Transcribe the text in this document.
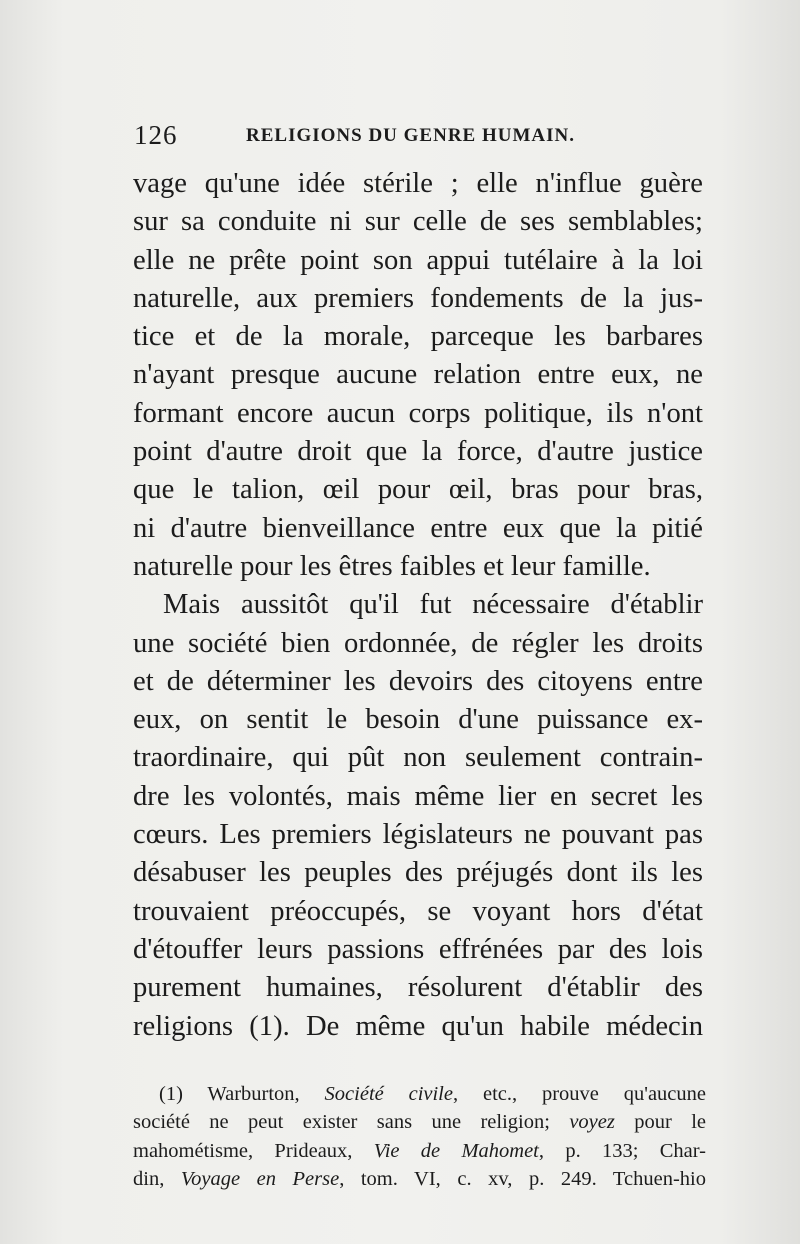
126	RELIGIONS DU GENRE HUMAIN.
vage qu'une idée stérile ; elle n'influe guère
sur sa conduite ni sur celle de ses semblables;
elle ne prête point son appui tutélaire à la loi
naturelle, aux premiers fondements de la jus-
tice et de la morale, parceque les barbares
n'ayant presque aucune relation entre eux, ne
formant encore aucun corps politique, ils n'ont
point d'autre droit que la force, d'autre justice
que le talion, œil pour œil, bras pour bras,
ni d'autre bienveillance entre eux que la pitié
naturelle pour les êtres faibles et leur famille.
Mais aussitôt qu'il fut nécessaire d'établir
une société bien ordonnée, de régler les droits
et de déterminer les devoirs des citoyens entre
eux, on sentit le besoin d'une puissance ex-
traordinaire, qui pût non seulement contrain-
dre les volontés, mais même lier en secret les
cœurs. Les premiers législateurs ne pouvant pas
désabuser les peuples des préjugés dont ils les
trouvaient préoccupés, se voyant hors d'état
d'étouffer leurs passions effrénées par des lois
purement humaines, résolurent d'établir des
religions (1). De même qu'un habile médecin
(1) Warburton, Société civile, etc., prouve qu'aucune
société ne peut exister sans une religion; voyez pour le
mahométisme, Prideaux, Vie de Mahomet, p. 133; Char-
din, Voyage en Perse, tom. VI, c. xv, p. 249. Tchuen-hio
